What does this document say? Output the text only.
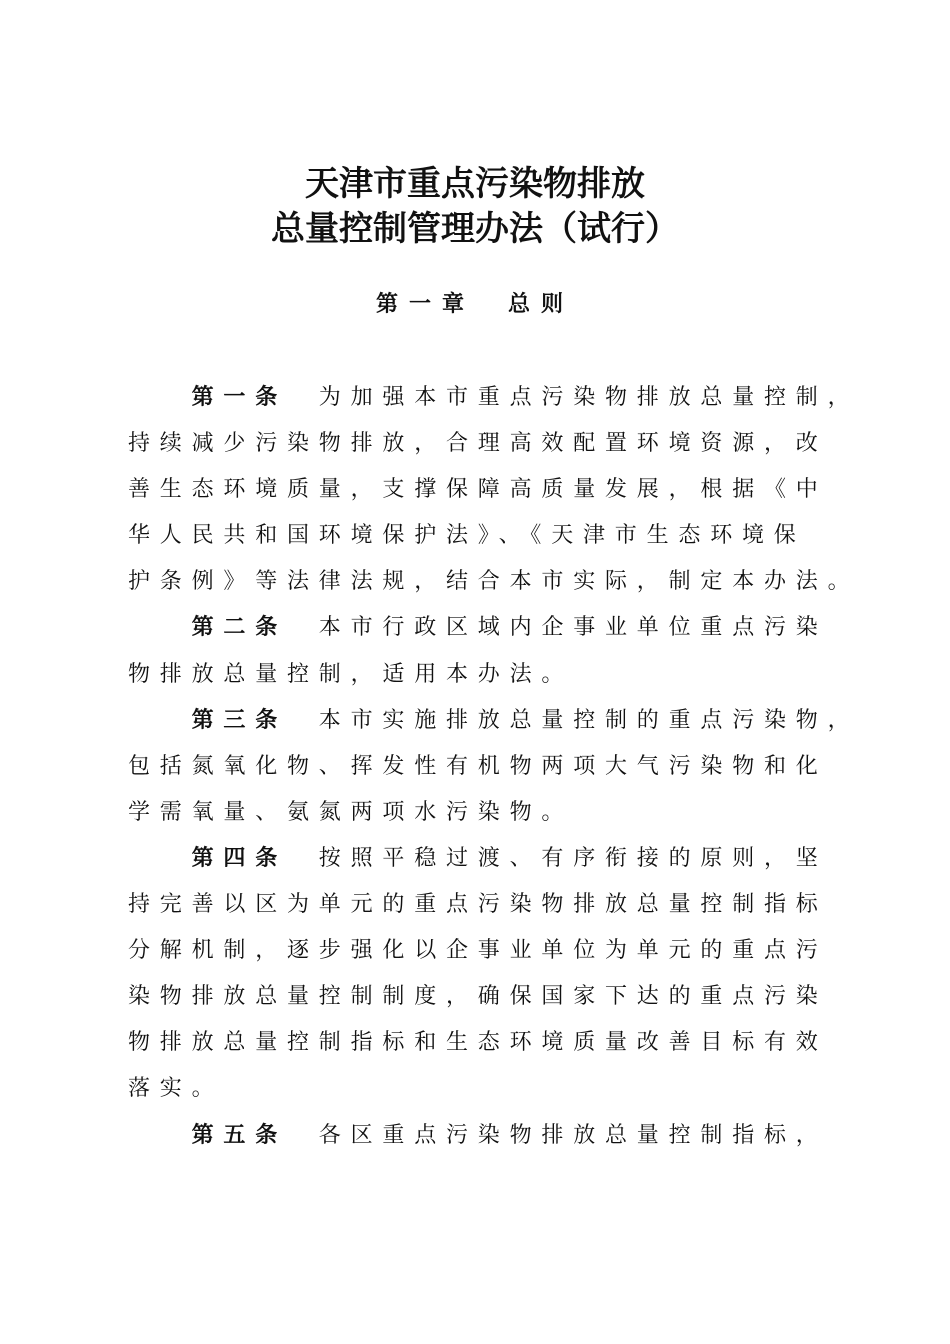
天津市重点污染物排放
总量控制管理办法（试行）
第一章 总则
第一条 为加强本市重点污染物排放总量控制，
持续减少污染物排放，合理高效配置环境资源，改
善生态环境质量，支撑保障高质量发展，根据《中
华人民共和国环境保护法》、《天津市生态环境保
护条例》等法律法规，结合本市实际，制定本办法。
第二条 本市行政区域内企事业单位重点污染
物排放总量控制，适用本办法。
第三条 本市实施排放总量控制的重点污染物，
包括氮氧化物、挥发性有机物两项大气污染物和化
学需氧量、氨氮两项水污染物。
第四条 按照平稳过渡、有序衔接的原则，坚
持完善以区为单元的重点污染物排放总量控制指标
分解机制，逐步强化以企事业单位为单元的重点污
染物排放总量控制制度，确保国家下达的重点污染
物排放总量控制指标和生态环境质量改善目标有效
落实。
第五条 各区重点污染物排放总量控制指标，
